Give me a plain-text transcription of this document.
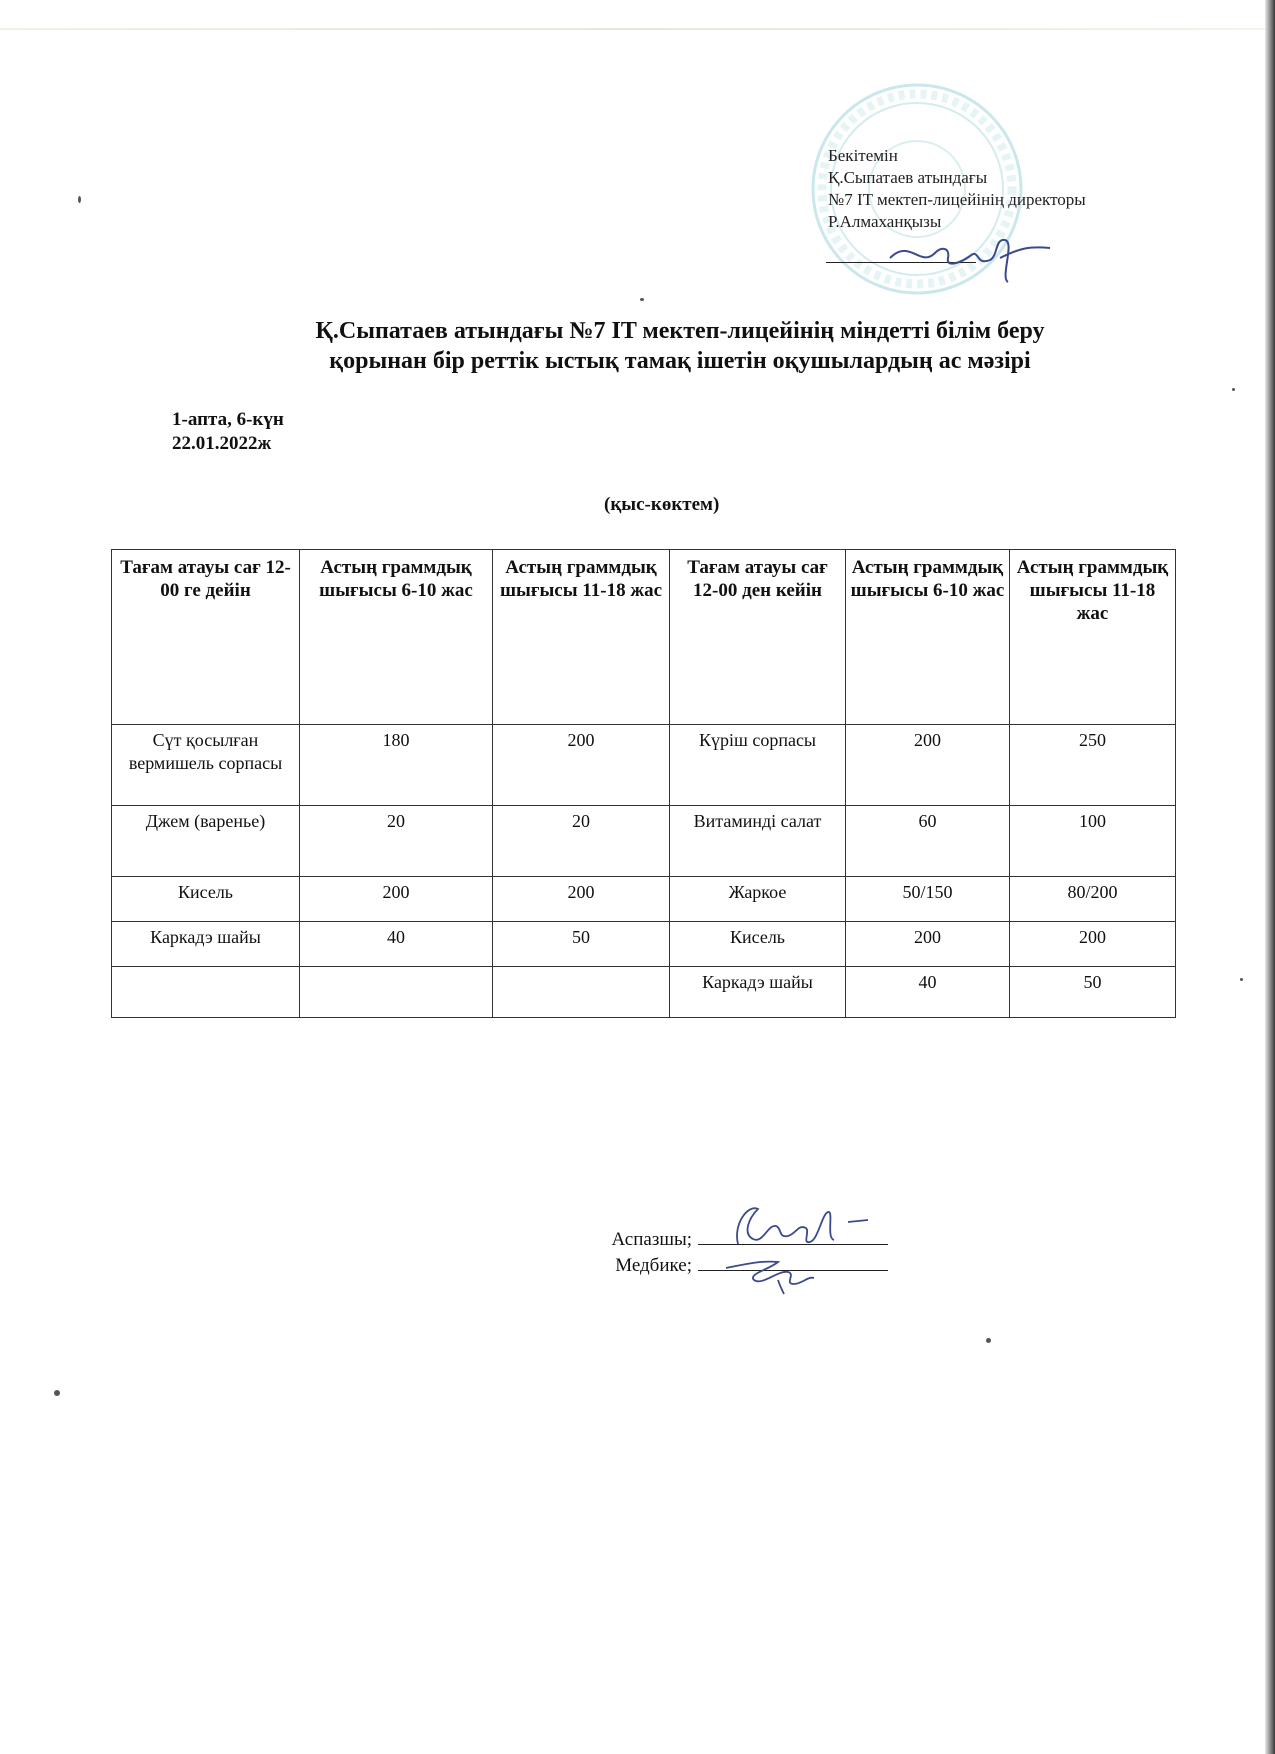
Бекітемін
Қ.Сыпатаев атындағы
№7 IT мектеп-лицейінің директоры
Р.Алмаханқызы
Қ.Сыпатаев атындағы №7 IT мектеп-лицейінің міндетті білім беру
қорынан бір реттік ыстық тамақ ішетін оқушылардың ас мәзірі
1-апта, 6-күн
22.01.2022ж
(қыс-көктем)
Тағам атауы сағ 12-00 ге дейін	Астың граммдық шығысы 6-10 жас	Астың граммдық шығысы 11-18 жас	Тағам атауы сағ 12-00 ден кейін	Астың граммдық шығысы 6-10 жас	Астың граммдық шығысы 11-18 жас
Сүт қосылған вермишель сорпасы	180	200	Күріш сорпасы	200	250
Джем (варенье)	20	20	Витаминді салат	60	100
Кисель	200	200	Жаркое	50/150	80/200
Каркадэ шайы	40	50	Кисель	200	200
			Каркадэ шайы	40	50
Аспазшы;
Медбике;
